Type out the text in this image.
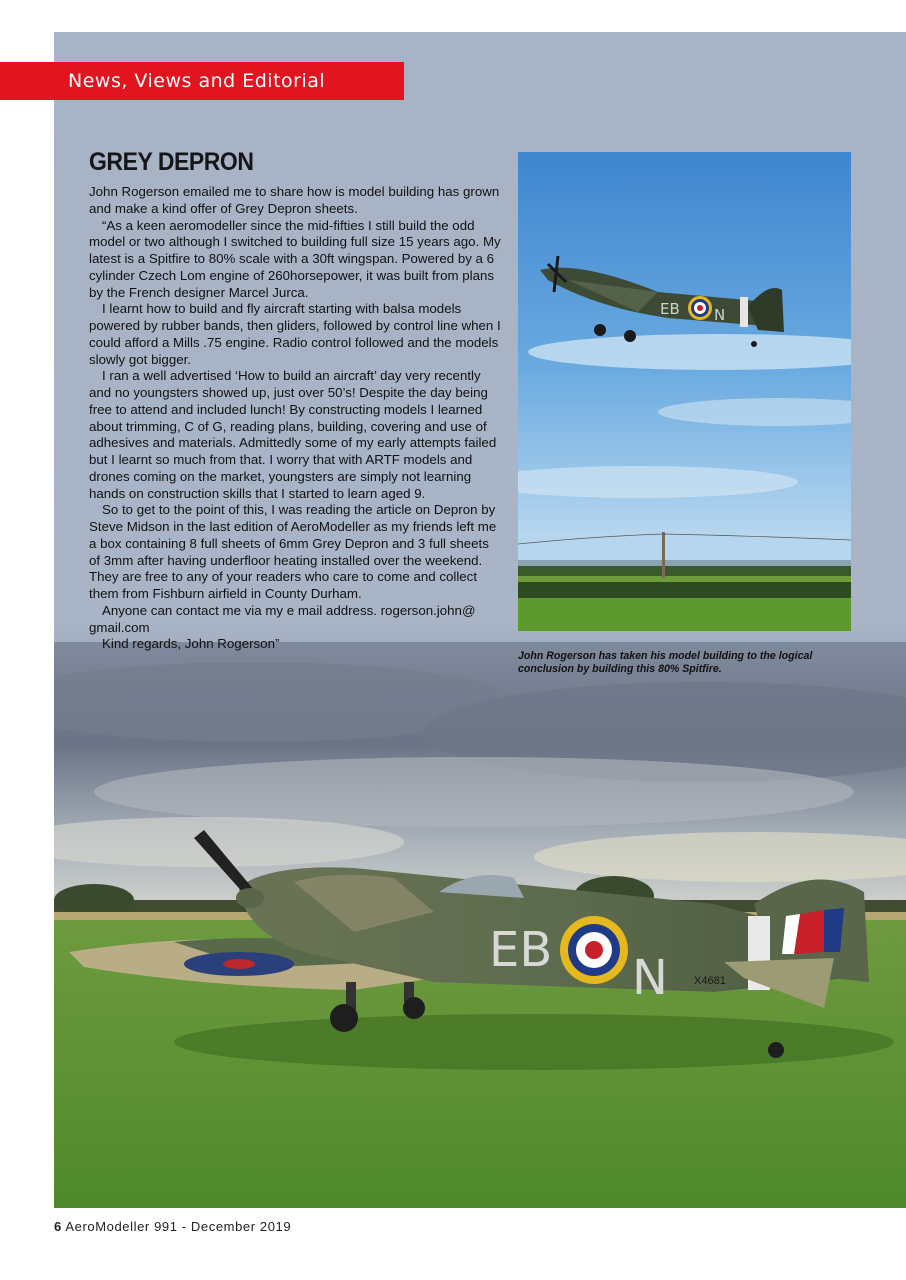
EB N X4681
News, Views and Editorial
GREY DEPRON

John Rogerson emailed me to share how is model building has grown and make a kind offer of Grey Depron sheets.

“As a keen aeromodeller since the mid-fifties I still build the odd model or two although I switched to building full size 15 years ago. My latest is a Spitfire to 80% scale with a 30ft wingspan. Powered by a 6 cylinder Czech Lom engine of 260horsepower, it was built from plans by the French designer Marcel Jurca.

I learnt how to build and fly aircraft starting with balsa models powered by rubber bands, then gliders, followed by control line when I could afford a Mills .75 engine. Radio control followed and the models slowly got bigger.

I ran a well advertised ‘How to build an aircraft’ day very recently and no youngsters showed up, just over 50’s! Despite the day being free to attend and included lunch! By constructing models I learned about trimming, C of G, reading plans, building, covering and use of adhesives and materials. Admittedly some of my early attempts failed but I learnt so much from that. I worry that with ARTF models and drones coming on the market, youngsters are simply not learning hands on construction skills that I started to learn aged 9.

So to get to the point of this, I was reading the article on Depron by Steve Midson in the last edition of AeroModeller as my friends left me a box containing 8 full sheets of 6mm Grey Depron and 3 full sheets of 3mm after having underfloor heating installed over the weekend. They are free to any of your readers who care to come and collect them from Fishburn airfield in County Durham.

Anyone can contact me via my e mail address. rogerson.john@ gmail.com

Kind regards, John Rogerson”

EB N
John Rogerson has taken his model building to the logical conclusion by building this 80% Spitfire.
6 AeroModeller 991 - December 2019
